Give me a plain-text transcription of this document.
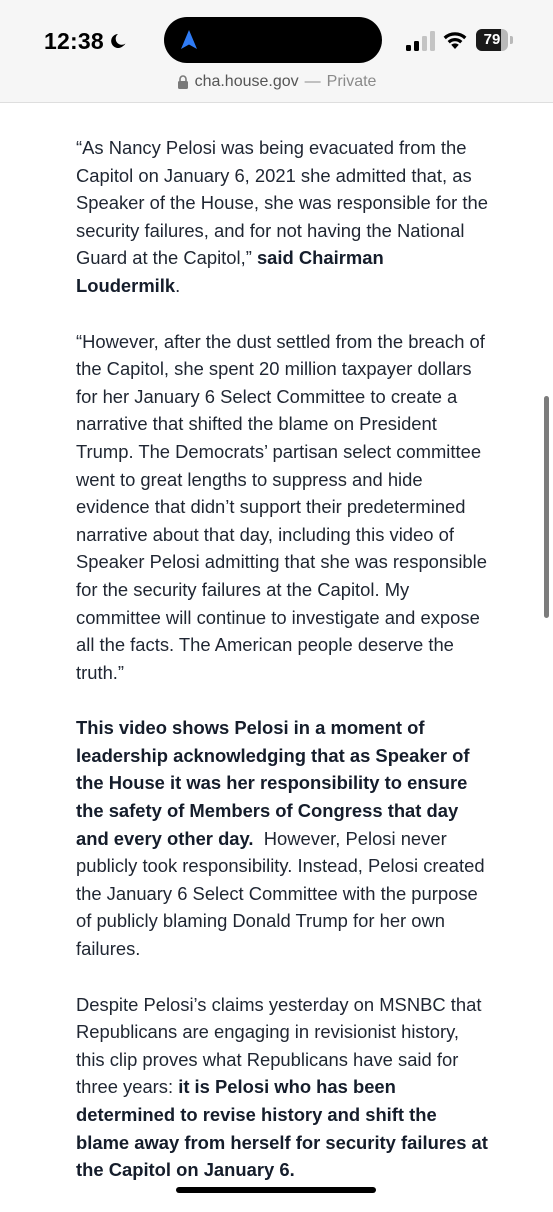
12:38	79
cha.house.gov — Private

“As Nancy Pelosi was being evacuated from the Capitol on January 6, 2021 she admitted that, as Speaker of the House, she was responsible for the security failures, and for not having the National Guard at the Capitol,” said Chairman Loudermilk.

“However, after the dust settled from the breach of the Capitol, she spent 20 million taxpayer dollars for her January 6 Select Committee to create a narrative that shifted the blame on President Trump. The Democrats’ partisan select committee went to great lengths to suppress and hide evidence that didn’t support their predetermined narrative about that day, including this video of Speaker Pelosi admitting that she was responsible for the security failures at the Capitol. My committee will continue to investigate and expose all the facts. The American people deserve the truth.”

This video shows Pelosi in a moment of leadership acknowledging that as Speaker of the House it was her responsibility to ensure the safety of Members of Congress that day and every other day.  However, Pelosi never publicly took responsibility. Instead, Pelosi created the January 6 Select Committee with the purpose of publicly blaming Donald Trump for her own failures.

Despite Pelosi’s claims yesterday on MSNBC that Republicans are engaging in revisionist history, this clip proves what Republicans have said for three years: it is Pelosi who has been determined to revise history and shift the blame away from herself for security failures at the Capitol on January 6.
